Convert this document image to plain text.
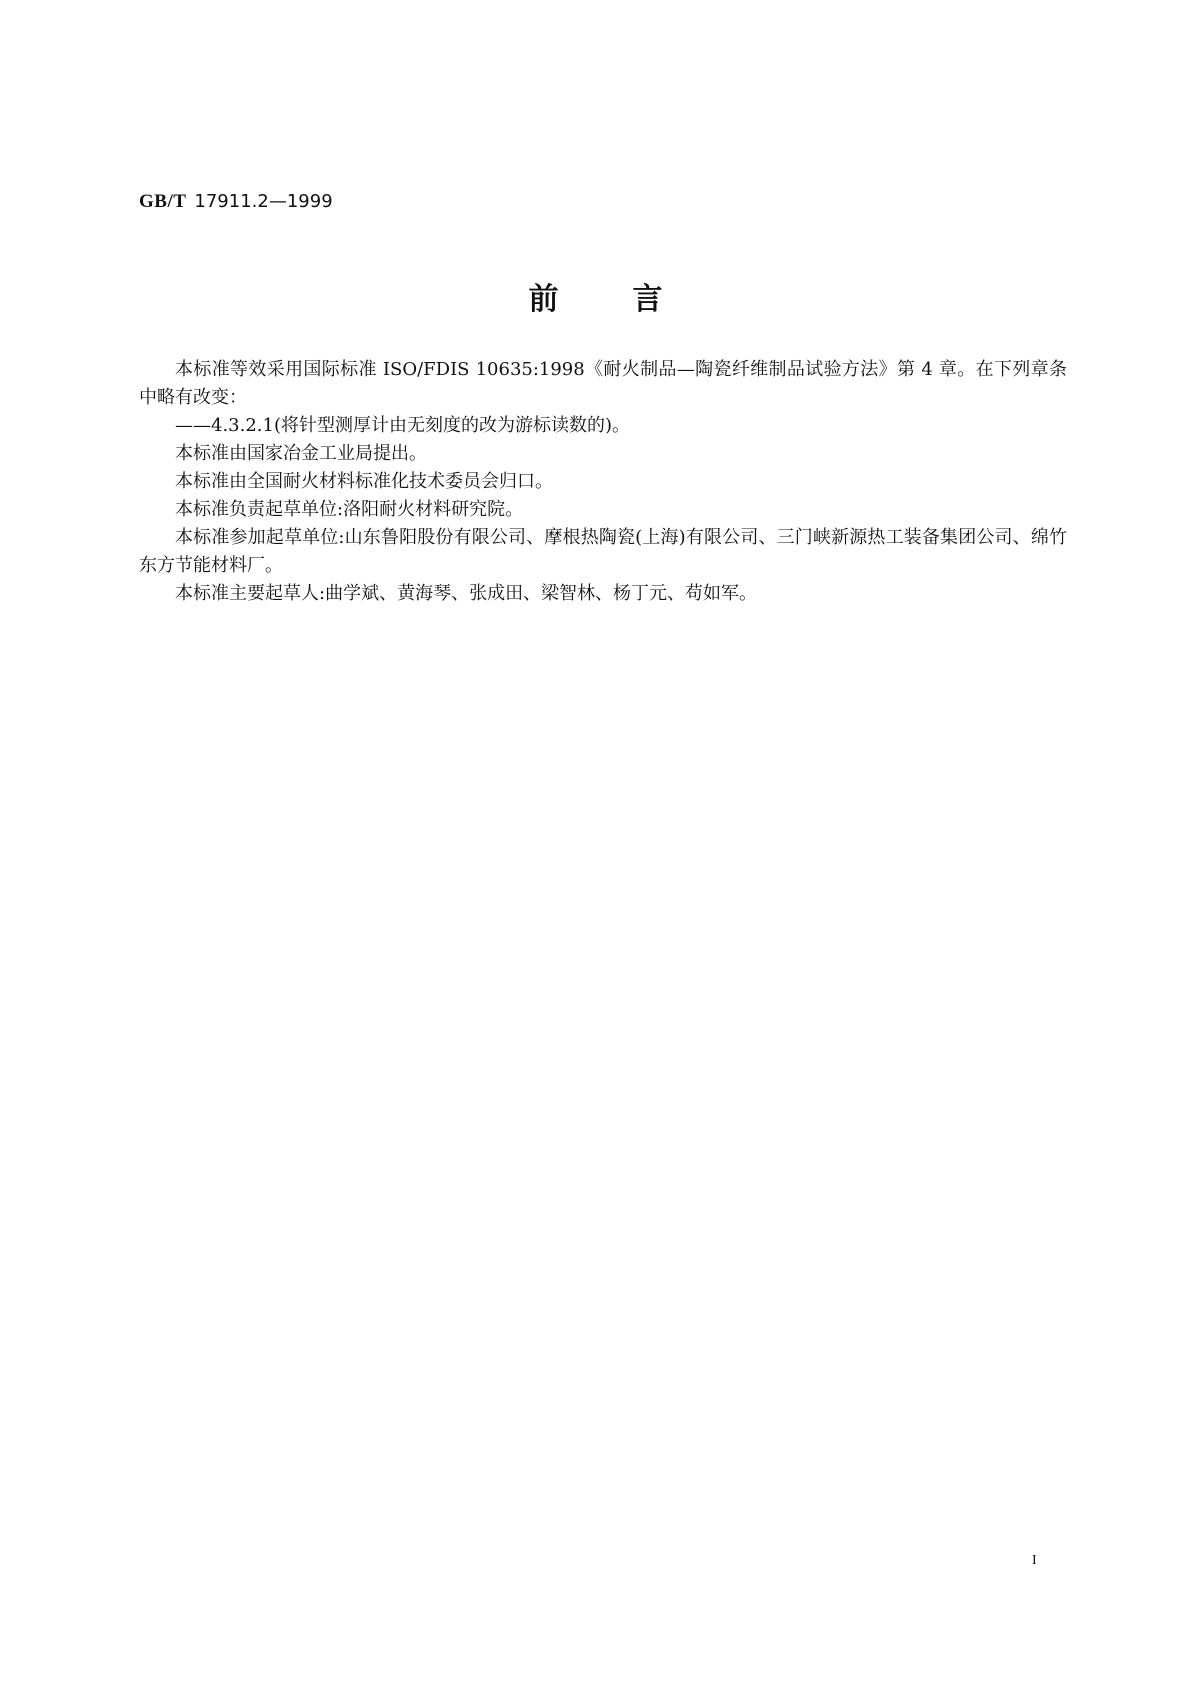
GB/T 17911.2—1999
前言

本标准等效采用国际标准 ISO/FDIS 10635:1998《耐火制品—陶瓷纤维制品试验方法》第 4 章。在下列章条中略有改变：

——4.3.2.1(将针型测厚计由无刻度的改为游标读数的)。

本标准由国家冶金工业局提出。

本标准由全国耐火材料标准化技术委员会归口。

本标准负责起草单位:洛阳耐火材料研究院。

本标准参加起草单位:山东鲁阳股份有限公司、摩根热陶瓷(上海)有限公司、三门峡新源热工装备集团公司、绵竹东方节能材料厂。

本标准主要起草人:曲学斌、黄海琴、张成田、梁智林、杨丁元、苟如军。

I
